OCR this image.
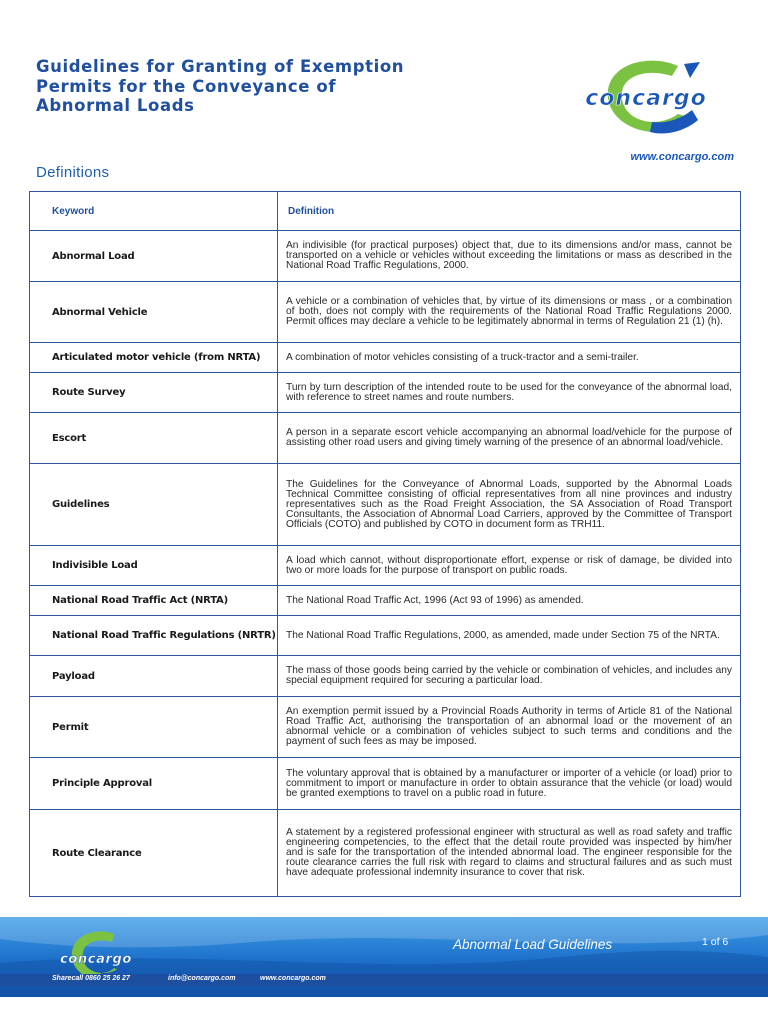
Guidelines for Granting of Exemption
Permits for the Conveyance of
Abnormal Loads	concargo
www.concargo.com
Definitions
Keyword	Definition
Abnormal Load	An indivisible (for practical purposes) object that, due to its dimensions and/or mass, cannot be transported on a vehicle or vehicles without exceeding the limitations or mass as described in the National Road Traffic Regulations, 2000.
Abnormal Vehicle	A vehicle or a combination of vehicles that, by virtue of its dimensions or mass , or a combination of both, does not comply with the requirements of the National Road Traffic Regulations 2000. Permit offices may declare a vehicle to be legitimately abnormal in terms of Regulation 21 (1) (h).
Articulated motor vehicle (from NRTA)	A combination of motor vehicles consisting of a truck-tractor and a semi-trailer.
Route Survey	Turn by turn description of the intended route to be used for the conveyance of the abnormal load, with reference to street names and route numbers.
Escort	A person in a separate escort vehicle accompanying an abnormal load/vehicle for the purpose of assisting other road users and giving timely warning of the presence of an abnormal load/vehicle.
Guidelines	The Guidelines for the Conveyance of Abnormal Loads, supported by the Abnormal Loads Technical Committee consisting of official representatives from all nine provinces and industry representatives such as the Road Freight Association, the SA Association of Road Transport Consultants, the Association of Abnormal Load Carriers, approved by the Committee of Transport Officials (COTO) and published by COTO in document form as TRH11.
Indivisible Load	A load which cannot, without disproportionate effort, expense or risk of damage, be divided into two or more loads for the purpose of transport on public roads.
National Road Traffic Act (NRTA)	The National Road Traffic Act, 1996 (Act 93 of 1996) as amended.
National Road Traffic Regulations (NRTR)	The National Road Traffic Regulations, 2000, as amended, made under Section 75 of the NRTA.
Payload	The mass of those goods being carried by the vehicle or combination of vehicles, and includes any special equipment required for securing a particular load.
Permit	An exemption permit issued by a Provincial Roads Authority in terms of Article 81 of the National Road Traffic Act, authorising the transportation of an abnormal load or the movement of an abnormal vehicle or a combination of vehicles subject to such terms and conditions and the payment of such fees as may be imposed.
Principle Approval	The voluntary approval that is obtained by a manufacturer or importer of a vehicle (or load) prior to commitment to import or manufacture in order to obtain assurance that the vehicle (or load) would be granted exemptions to travel on a public road in future.
Route Clearance	A statement by a registered professional engineer with structural as well as road safety and traffic engineering competencies, to the effect that the detail route provided was inspected by him/her and is safe for the transportation of the intended abnormal load. The engineer responsible for the route clearance carries the full risk with regard to claims and structural failures and as such must have adequate professional indemnity insurance to cover that risk.
concargo
Abnormal Load Guidelines	1 of 6
Sharecall 0860 25 26 27	info@concargo.com	www.concargo.com
